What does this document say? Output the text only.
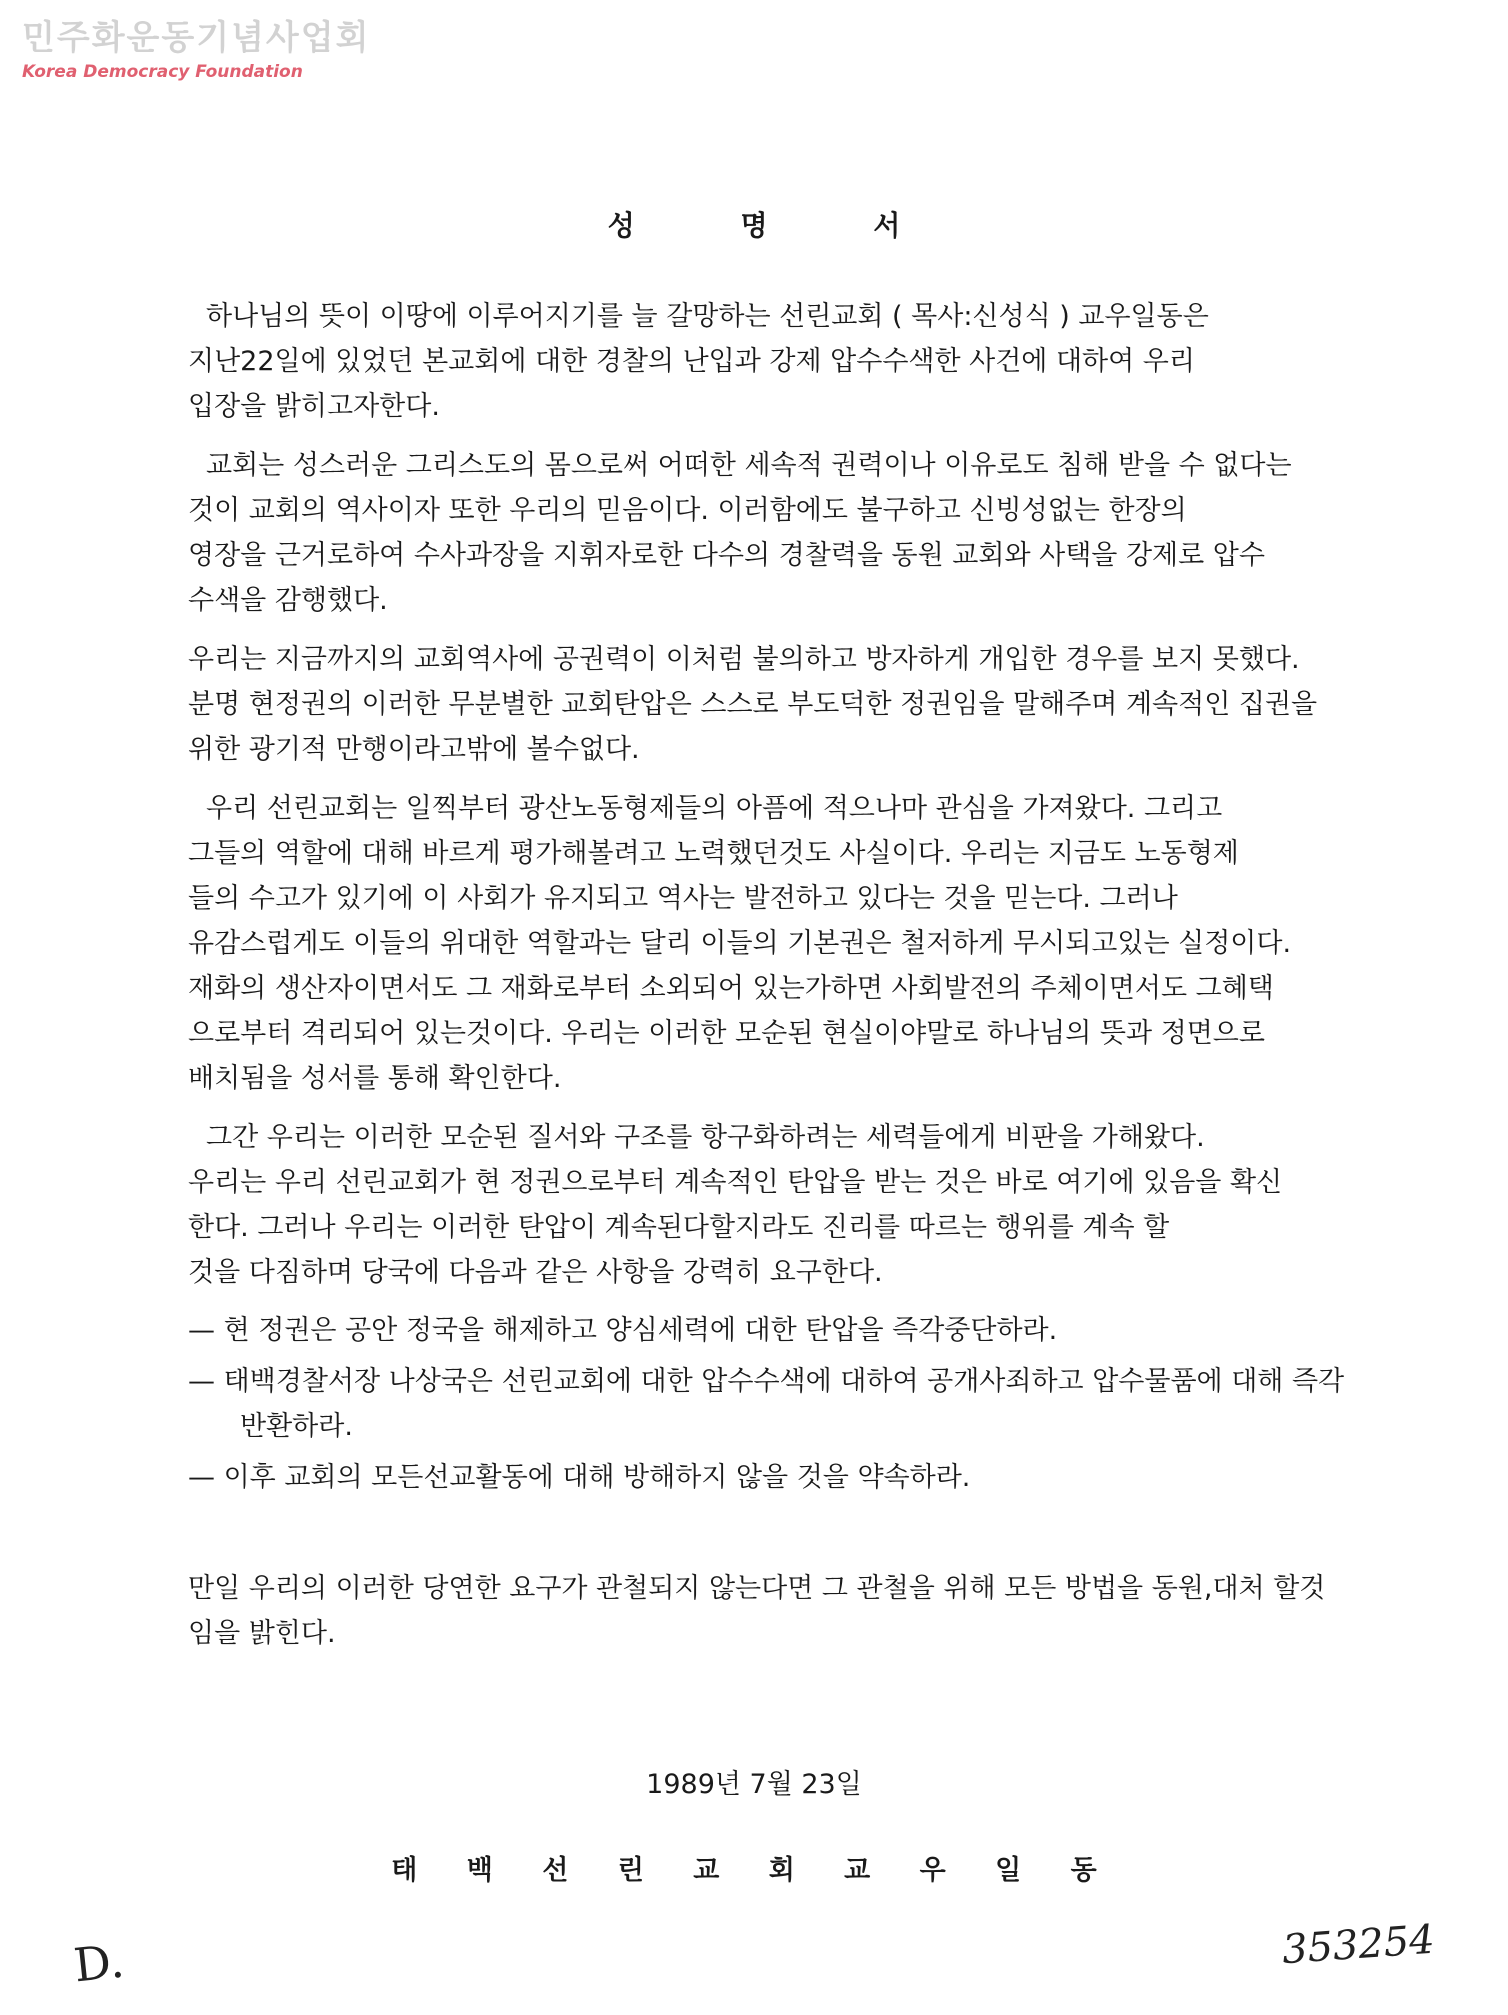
민주화운동기념사업회
Korea Democracy Foundation
성 명 서

하나님의 뜻이 이땅에 이루어지기를 늘 갈망하는 선린교회 ( 목사:신성식 ) 교우일동은

지난22일에 있었던 본교회에 대한 경찰의 난입과 강제 압수수색한 사건에 대하여 우리

입장을 밝히고자한다.

교회는 성스러운 그리스도의 몸으로써 어떠한 세속적 권력이나 이유로도 침해 받을 수 없다는

것이 교회의 역사이자 또한 우리의 믿음이다. 이러함에도 불구하고 신빙성없는 한장의

영장을 근거로하여 수사과장을 지휘자로한 다수의 경찰력을 동원 교회와 사택을 강제로 압수

수색을 감행했다.

우리는 지금까지의 교회역사에 공권력이 이처럼 불의하고 방자하게 개입한 경우를 보지 못했다.

분명 현정권의 이러한 무분별한 교회탄압은 스스로 부도덕한 정권임을 말해주며 계속적인 집권을

위한 광기적 만행이라고밖에 볼수없다.

우리 선린교회는 일찍부터 광산노동형제들의 아픔에 적으나마 관심을 가져왔다. 그리고

그들의 역할에 대해 바르게 평가해볼려고 노력했던것도 사실이다. 우리는 지금도 노동형제

들의 수고가 있기에 이 사회가 유지되고 역사는 발전하고 있다는 것을 믿는다. 그러나

유감스럽게도 이들의 위대한 역할과는 달리 이들의 기본권은 철저하게 무시되고있는 실정이다.

재화의 생산자이면서도 그 재화로부터 소외되어 있는가하면 사회발전의 주체이면서도 그혜택

으로부터 격리되어 있는것이다. 우리는 이러한 모순된 현실이야말로 하나님의 뜻과 정면으로

배치됨을 성서를 통해 확인한다.

그간 우리는 이러한 모순된 질서와 구조를 항구화하려는 세력들에게 비판을 가해왔다.

우리는 우리 선린교회가 현 정권으로부터 계속적인 탄압을 받는 것은 바로 여기에 있음을 확신

한다. 그러나 우리는 이러한 탄압이 계속된다할지라도 진리를 따르는 행위를 계속 할

것을 다짐하며 당국에 다음과 같은 사항을 강력히 요구한다.

— 현 정권은 공안 정국을 해제하고 양심세력에 대한 탄압을 즉각중단하라.

— 태백경찰서장 나상국은 선린교회에 대한 압수수색에 대하여 공개사죄하고 압수물품에 대해 즉각반환하라.

— 이후 교회의 모든선교활동에 대해 방해하지 않을 것을 약속하라.

만일 우리의 이러한 당연한 요구가 관철되지 않는다면 그 관철을 위해 모든 방법을 동원,대처 할것임을 밝힌다.

1989년 7월 23일
태 백 선 린 교 회 교 우 일 동
D.	353254
